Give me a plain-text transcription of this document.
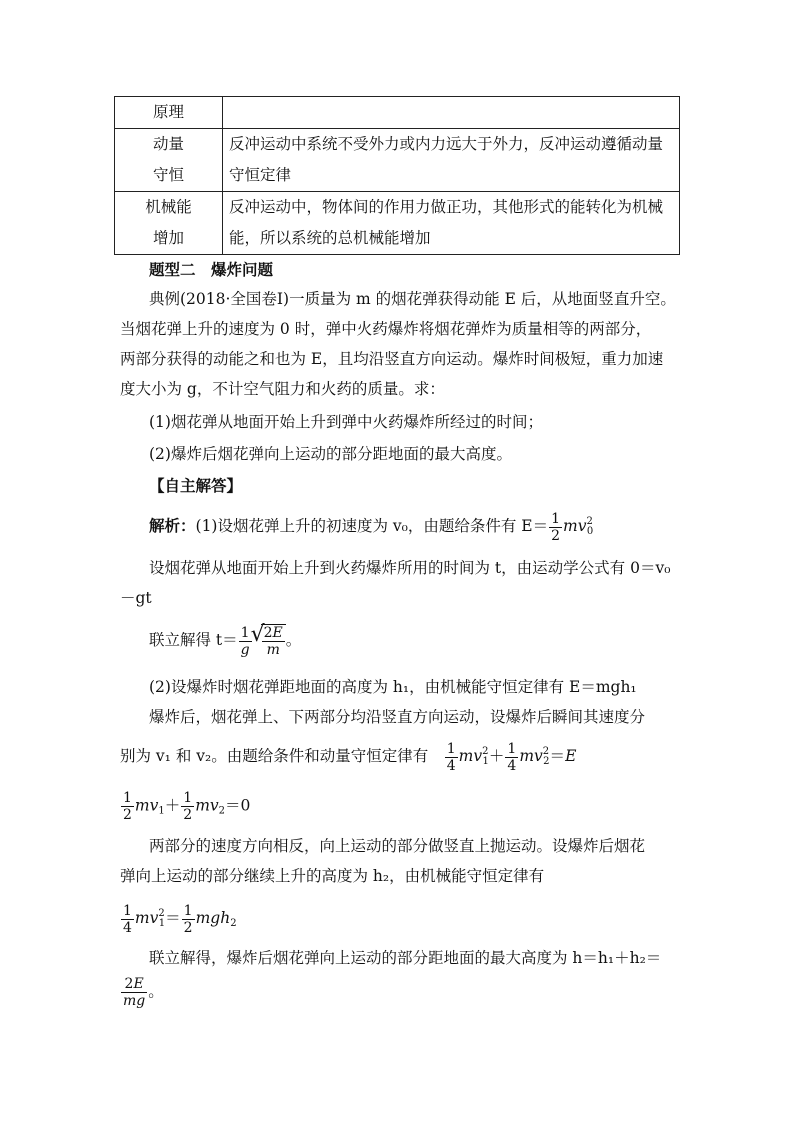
原理	

动量
守恒

反冲运动中系统不受外力或内力远大于外力，反冲运动遵循动量
守恒定律

机械能
增加

反冲运动中，物体间的作用力做正功，其他形式的能转化为机械
能，所以系统的总机械能增加
题型二　爆炸问题
典例(2018·全国卷Ⅰ)一质量为 m 的烟花弹获得动能 E 后，从地面竖直升空。
当烟花弹上升的速度为 0 时，弹中火药爆炸将烟花弹炸为质量相等的两部分，
两部分获得的动能之和也为 E，且均沿竖直方向运动。爆炸时间极短，重力加速
度大小为 g，不计空气阻力和火药的质量。求：
(1)烟花弹从地面开始上升到弹中火药爆炸所经过的时间；
(2)爆炸后烟花弹向上运动的部分距地面的最大高度。
【自主解答】
解析：(1)设烟花弹上升的初速度为 v₀，由题给条件有 $E= \frac{1}{2} mv^2_0$
设烟花弹从地面开始上升到火药爆炸所用的时间为 t，由运动学公式有 0＝v₀
－gt
联立解得 $t= \frac{1}{g}$
√ $\frac{2E}{m}$ 。
(2)设爆炸时烟花弹距地面的高度为 h₁，由机械能守恒定律有 E＝mgh₁
爆炸后，烟花弹上、下两部分均沿竖直方向运动，设爆炸后瞬间其速度分
别为 v₁ 和 v₂。由题给条件和动量守恒定律有　 $\frac{1}{4} mv^2_1+ \frac{1}{4} mv^2_2=E$
$\frac{1}{2} mv_1+ \frac{1}{2} mv_2=0$
两部分的速度方向相反，向上运动的部分做竖直上抛运动。设爆炸后烟花
弹向上运动的部分继续上升的高度为 h₂，由机械能守恒定律有
$\frac{1}{4} mv^2_1= \frac{1}{2} mgh_2$
联立解得，爆炸后烟花弹向上运动的部分距地面的最大高度为 h＝h₁＋h₂＝
$\frac{2E}{mg}$ 。
